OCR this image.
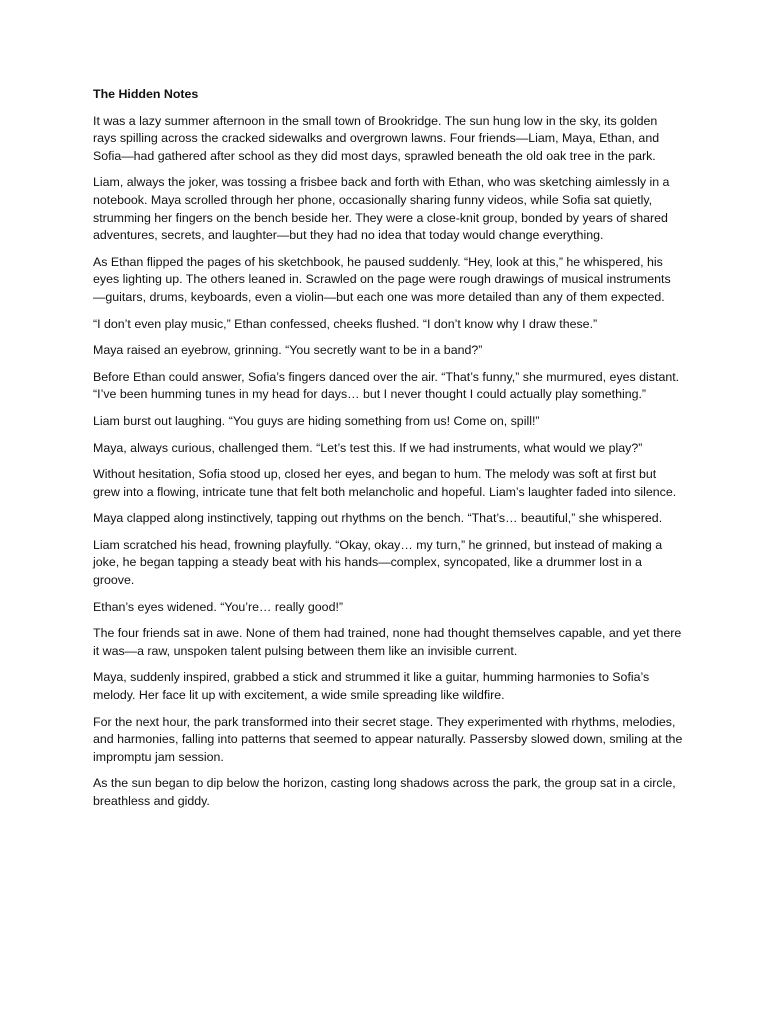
The Hidden Notes

It was a lazy summer afternoon in the small town of Brookridge. The sun hung low in the sky, its golden rays spilling across the cracked sidewalks and overgrown lawns. Four friends—Liam, Maya, Ethan, and Sofia—had gathered after school as they did most days, sprawled beneath the old oak tree in the park.

Liam, always the joker, was tossing a frisbee back and forth with Ethan, who was sketching aimlessly in a notebook. Maya scrolled through her phone, occasionally sharing funny videos, while Sofia sat quietly, strumming her fingers on the bench beside her. They were a close-knit group, bonded by years of shared adventures, secrets, and laughter—but they had no idea that today would change everything.

As Ethan flipped the pages of his sketchbook, he paused suddenly. “Hey, look at this,” he whispered, his eyes lighting up. The others leaned in. Scrawled on the page were rough drawings of musical instruments—guitars, drums, keyboards, even a violin—but each one was more detailed than any of them expected.

“I don’t even play music,” Ethan confessed, cheeks flushed. “I don’t know why I draw these.”

Maya raised an eyebrow, grinning. “You secretly want to be in a band?”

Before Ethan could answer, Sofia’s fingers danced over the air. “That’s funny,” she murmured, eyes distant. “I’ve been humming tunes in my head for days… but I never thought I could actually play something.”

Liam burst out laughing. “You guys are hiding something from us! Come on, spill!”

Maya, always curious, challenged them. “Let’s test this. If we had instruments, what would we play?”

Without hesitation, Sofia stood up, closed her eyes, and began to hum. The melody was soft at first but grew into a flowing, intricate tune that felt both melancholic and hopeful. Liam’s laughter faded into silence.

Maya clapped along instinctively, tapping out rhythms on the bench. “That’s… beautiful,” she whispered.

Liam scratched his head, frowning playfully. “Okay, okay… my turn,” he grinned, but instead of making a joke, he began tapping a steady beat with his hands—complex, syncopated, like a drummer lost in a groove.

Ethan’s eyes widened. “You’re… really good!”

The four friends sat in awe. None of them had trained, none had thought themselves capable, and yet there it was—a raw, unspoken talent pulsing between them like an invisible current.

Maya, suddenly inspired, grabbed a stick and strummed it like a guitar, humming harmonies to Sofia’s melody. Her face lit up with excitement, a wide smile spreading like wildfire.

For the next hour, the park transformed into their secret stage. They experimented with rhythms, melodies, and harmonies, falling into patterns that seemed to appear naturally. Passersby slowed down, smiling at the impromptu jam session.

As the sun began to dip below the horizon, casting long shadows across the park, the group sat in a circle, breathless and giddy.
